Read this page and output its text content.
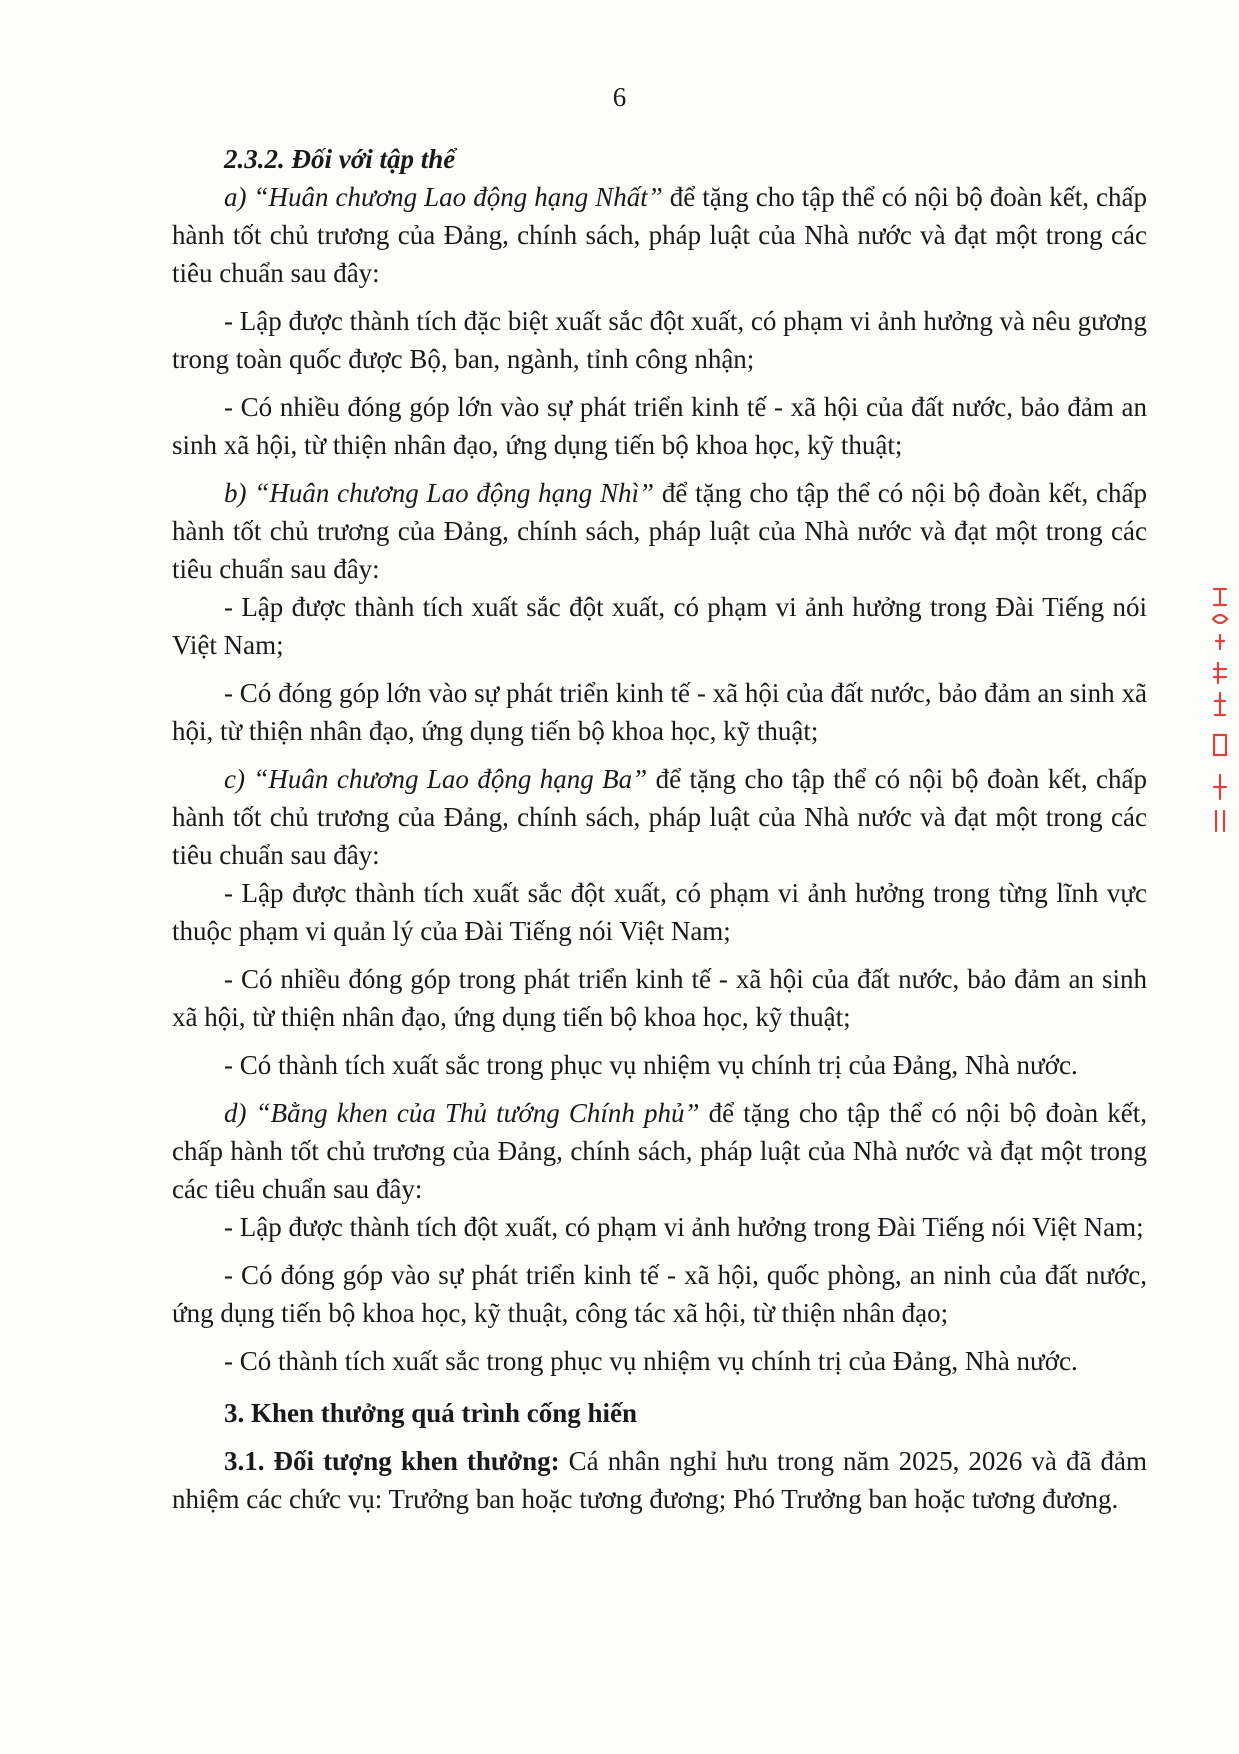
6

2.3.2. Đối với tập thể

a) “Huân chương Lao động hạng Nhất” để tặng cho tập thể có nội bộ đoàn kết, chấp hành tốt chủ trương của Đảng, chính sách, pháp luật của Nhà nước và đạt một trong các tiêu chuẩn sau đây:

- Lập được thành tích đặc biệt xuất sắc đột xuất, có phạm vi ảnh hưởng và nêu gương trong toàn quốc được Bộ, ban, ngành, tỉnh công nhận;

- Có nhiều đóng góp lớn vào sự phát triển kinh tế - xã hội của đất nước, bảo đảm an sinh xã hội, từ thiện nhân đạo, ứng dụng tiến bộ khoa học, kỹ thuật;

b) “Huân chương Lao động hạng Nhì” để tặng cho tập thể có nội bộ đoàn kết, chấp hành tốt chủ trương của Đảng, chính sách, pháp luật của Nhà nước và đạt một trong các tiêu chuẩn sau đây:

- Lập được thành tích xuất sắc đột xuất, có phạm vi ảnh hưởng trong Đài Tiếng nói Việt Nam;

- Có đóng góp lớn vào sự phát triển kinh tế - xã hội của đất nước, bảo đảm an sinh xã hội, từ thiện nhân đạo, ứng dụng tiến bộ khoa học, kỹ thuật;

c) “Huân chương Lao động hạng Ba” để tặng cho tập thể có nội bộ đoàn kết, chấp hành tốt chủ trương của Đảng, chính sách, pháp luật của Nhà nước và đạt một trong các tiêu chuẩn sau đây:

- Lập được thành tích xuất sắc đột xuất, có phạm vi ảnh hưởng trong từng lĩnh vực thuộc phạm vi quản lý của Đài Tiếng nói Việt Nam;

- Có nhiều đóng góp trong phát triển kinh tế - xã hội của đất nước, bảo đảm an sinh xã hội, từ thiện nhân đạo, ứng dụng tiến bộ khoa học, kỹ thuật;

- Có thành tích xuất sắc trong phục vụ nhiệm vụ chính trị của Đảng, Nhà nước.

d) “Bằng khen của Thủ tướng Chính phủ” để tặng cho tập thể có nội bộ đoàn kết, chấp hành tốt chủ trương của Đảng, chính sách, pháp luật của Nhà nước và đạt một trong các tiêu chuẩn sau đây:

- Lập được thành tích đột xuất, có phạm vi ảnh hưởng trong Đài Tiếng nói Việt Nam;

- Có đóng góp vào sự phát triển kinh tế - xã hội, quốc phòng, an ninh của đất nước, ứng dụng tiến bộ khoa học, kỹ thuật, công tác xã hội, từ thiện nhân đạo;

- Có thành tích xuất sắc trong phục vụ nhiệm vụ chính trị của Đảng, Nhà nước.

3. Khen thưởng quá trình cống hiến

3.1. Đối tượng khen thưởng: Cá nhân nghỉ hưu trong năm 2025, 2026 và đã đảm nhiệm các chức vụ: Trưởng ban hoặc tương đương; Phó Trưởng ban hoặc tương đương.
